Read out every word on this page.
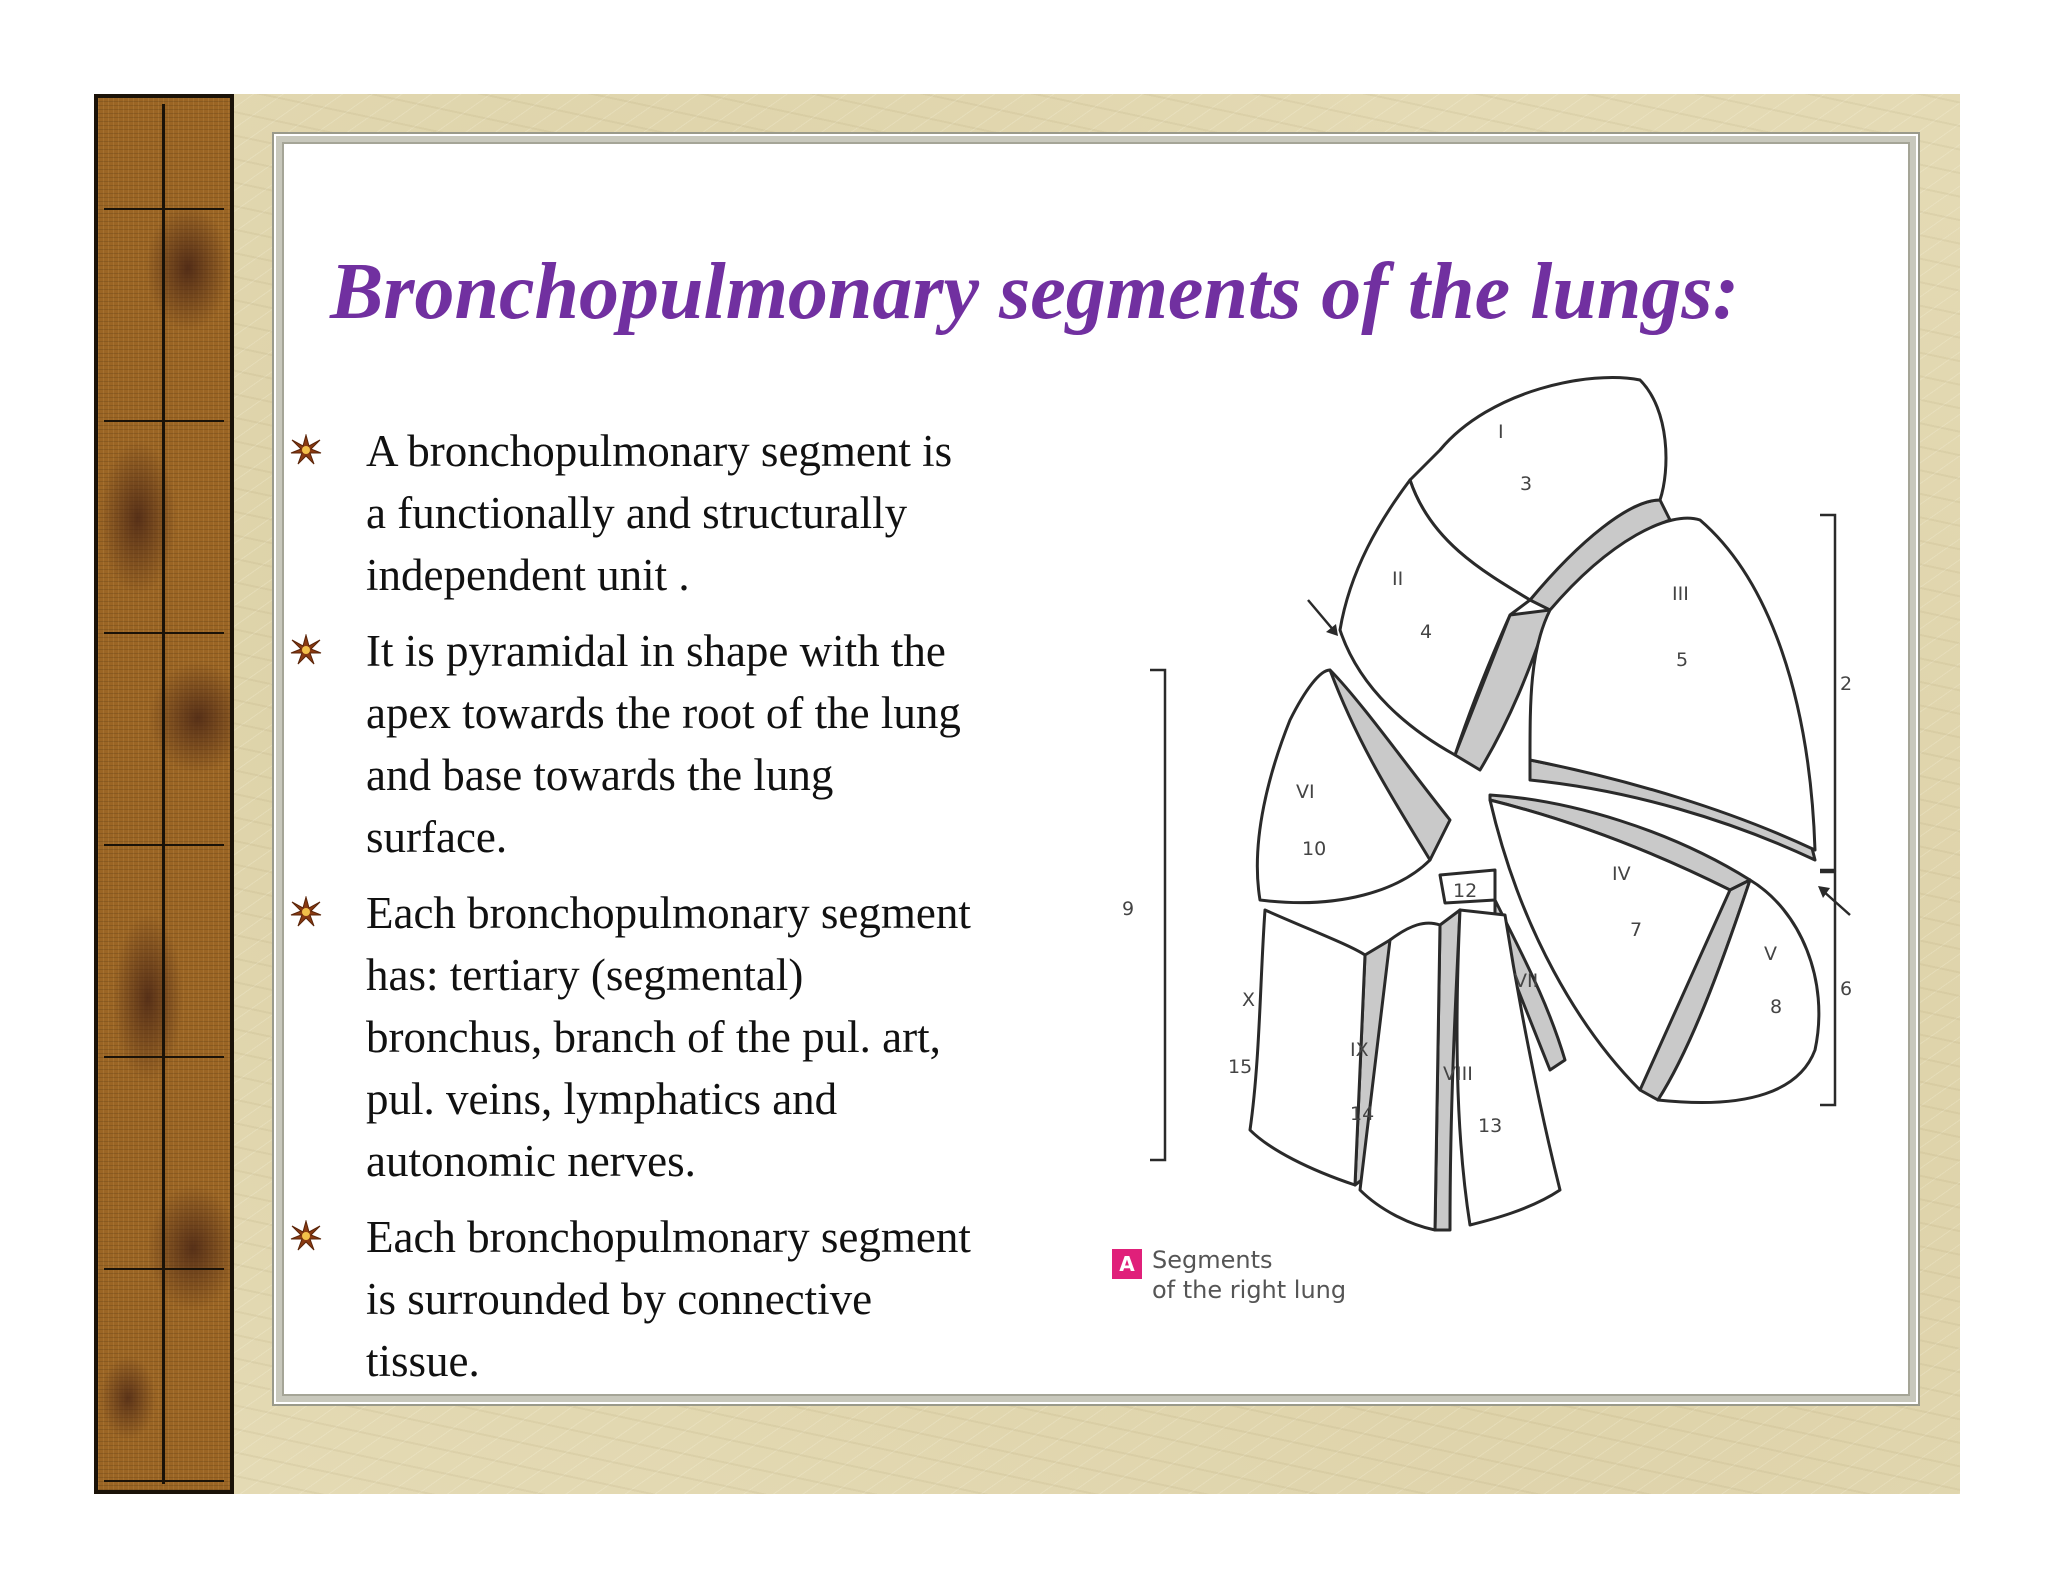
Bronchopulmonary segments of the lungs:
A bronchopulmonary segment is
a functionally and structurally
independent unit .
It is pyramidal in shape with the
apex towards the root of the lung
and base towards the lung
surface.
Each bronchopulmonary segment
has: tertiary (segmental)
bronchus, branch of the pul. art,
pul. veins, lymphatics and
autonomic nerves.
Each bronchopulmonary segment
is surrounded by connective
tissue.
I
3
II
4
III
5
VI
10
IV
7
V
8
12
VII
X
15
IX
14
VIII
13
2
6
9
A Segments
of the right lung
